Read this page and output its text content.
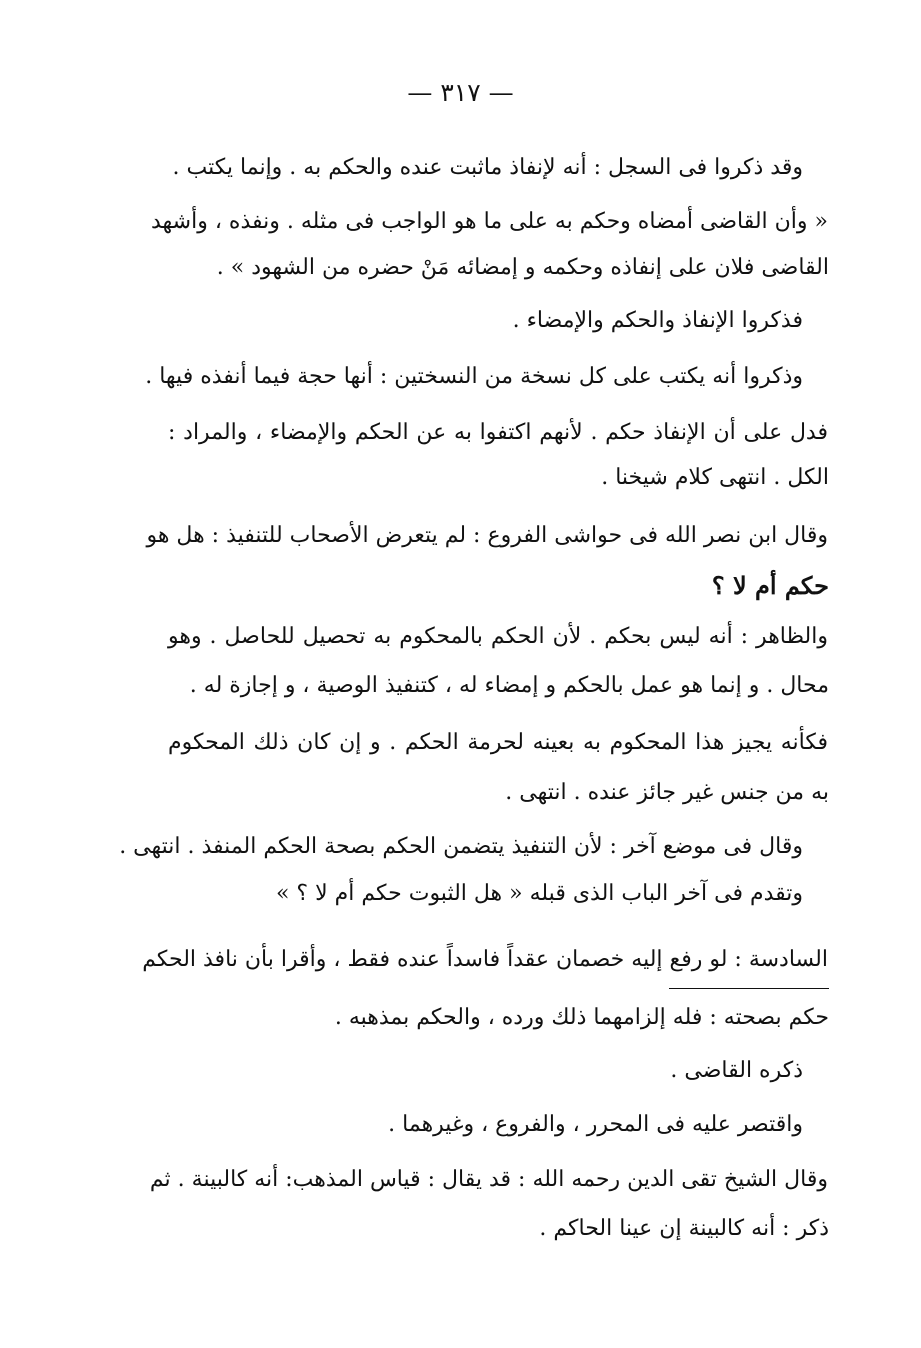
— ٣١٧ —
وقد ذكروا فى السجل : أنه لإنفاذ ماثبت عنده والحكم به . وإنما يكتب .
« وأن القاضى أمضاه وحكم به على ما هو الواجب فى مثله . ونفذه ، وأشهد
القاضى فلان على إنفاذه وحكمه و إمضائه مَنْ حضره من الشهود » .
فذكروا الإنفاذ والحكم والإمضاء .
وذكروا أنه يكتب على كل نسخة من النسختين : أنها حجة فيما أنفذه فيها .
فدل على أن الإنفاذ حكم . لأنهم اكتفوا به عن الحكم والإمضاء ، والمراد :
الكل . انتهى كلام شيخنا .
وقال ابن نصر الله فى حواشى الفروع : لم يتعرض الأصحاب للتنفيذ : هل هو
حكم أم لا ؟
والظاهر : أنه ليس بحكم . لأن الحكم بالمحكوم به تحصيل للحاصل . وهو
محال . و إنما هو عمل بالحكم و إمضاء له ، كتنفيذ الوصية ، و إجازة له .
فكأنه يجيز هذا المحكوم به بعينه لحرمة الحكم . و إن كان ذلك المحكوم
به من جنس غير جائز عنده . انتهى .
وقال فى موضع آخر : لأن التنفيذ يتضمن الحكم بصحة الحكم المنفذ . انتهى .
وتقدم فى آخر الباب الذى قبله « هل الثبوت حكم أم لا ؟ »
السادسة : لو رفع إليه خصمان عقداً فاسداً عنده فقط ، وأقرا بأن نافذ الحكم
حكم بصحته : فله إلزامهما ذلك ورده ، والحكم بمذهبه .
ذكره القاضى .
واقتصر عليه فى المحرر ، والفروع ، وغيرهما .
وقال الشيخ تقى الدين رحمه الله : قد يقال : قياس المذهب: أنه كالبينة . ثم
ذكر : أنه كالبينة إن عينا الحاكم .
